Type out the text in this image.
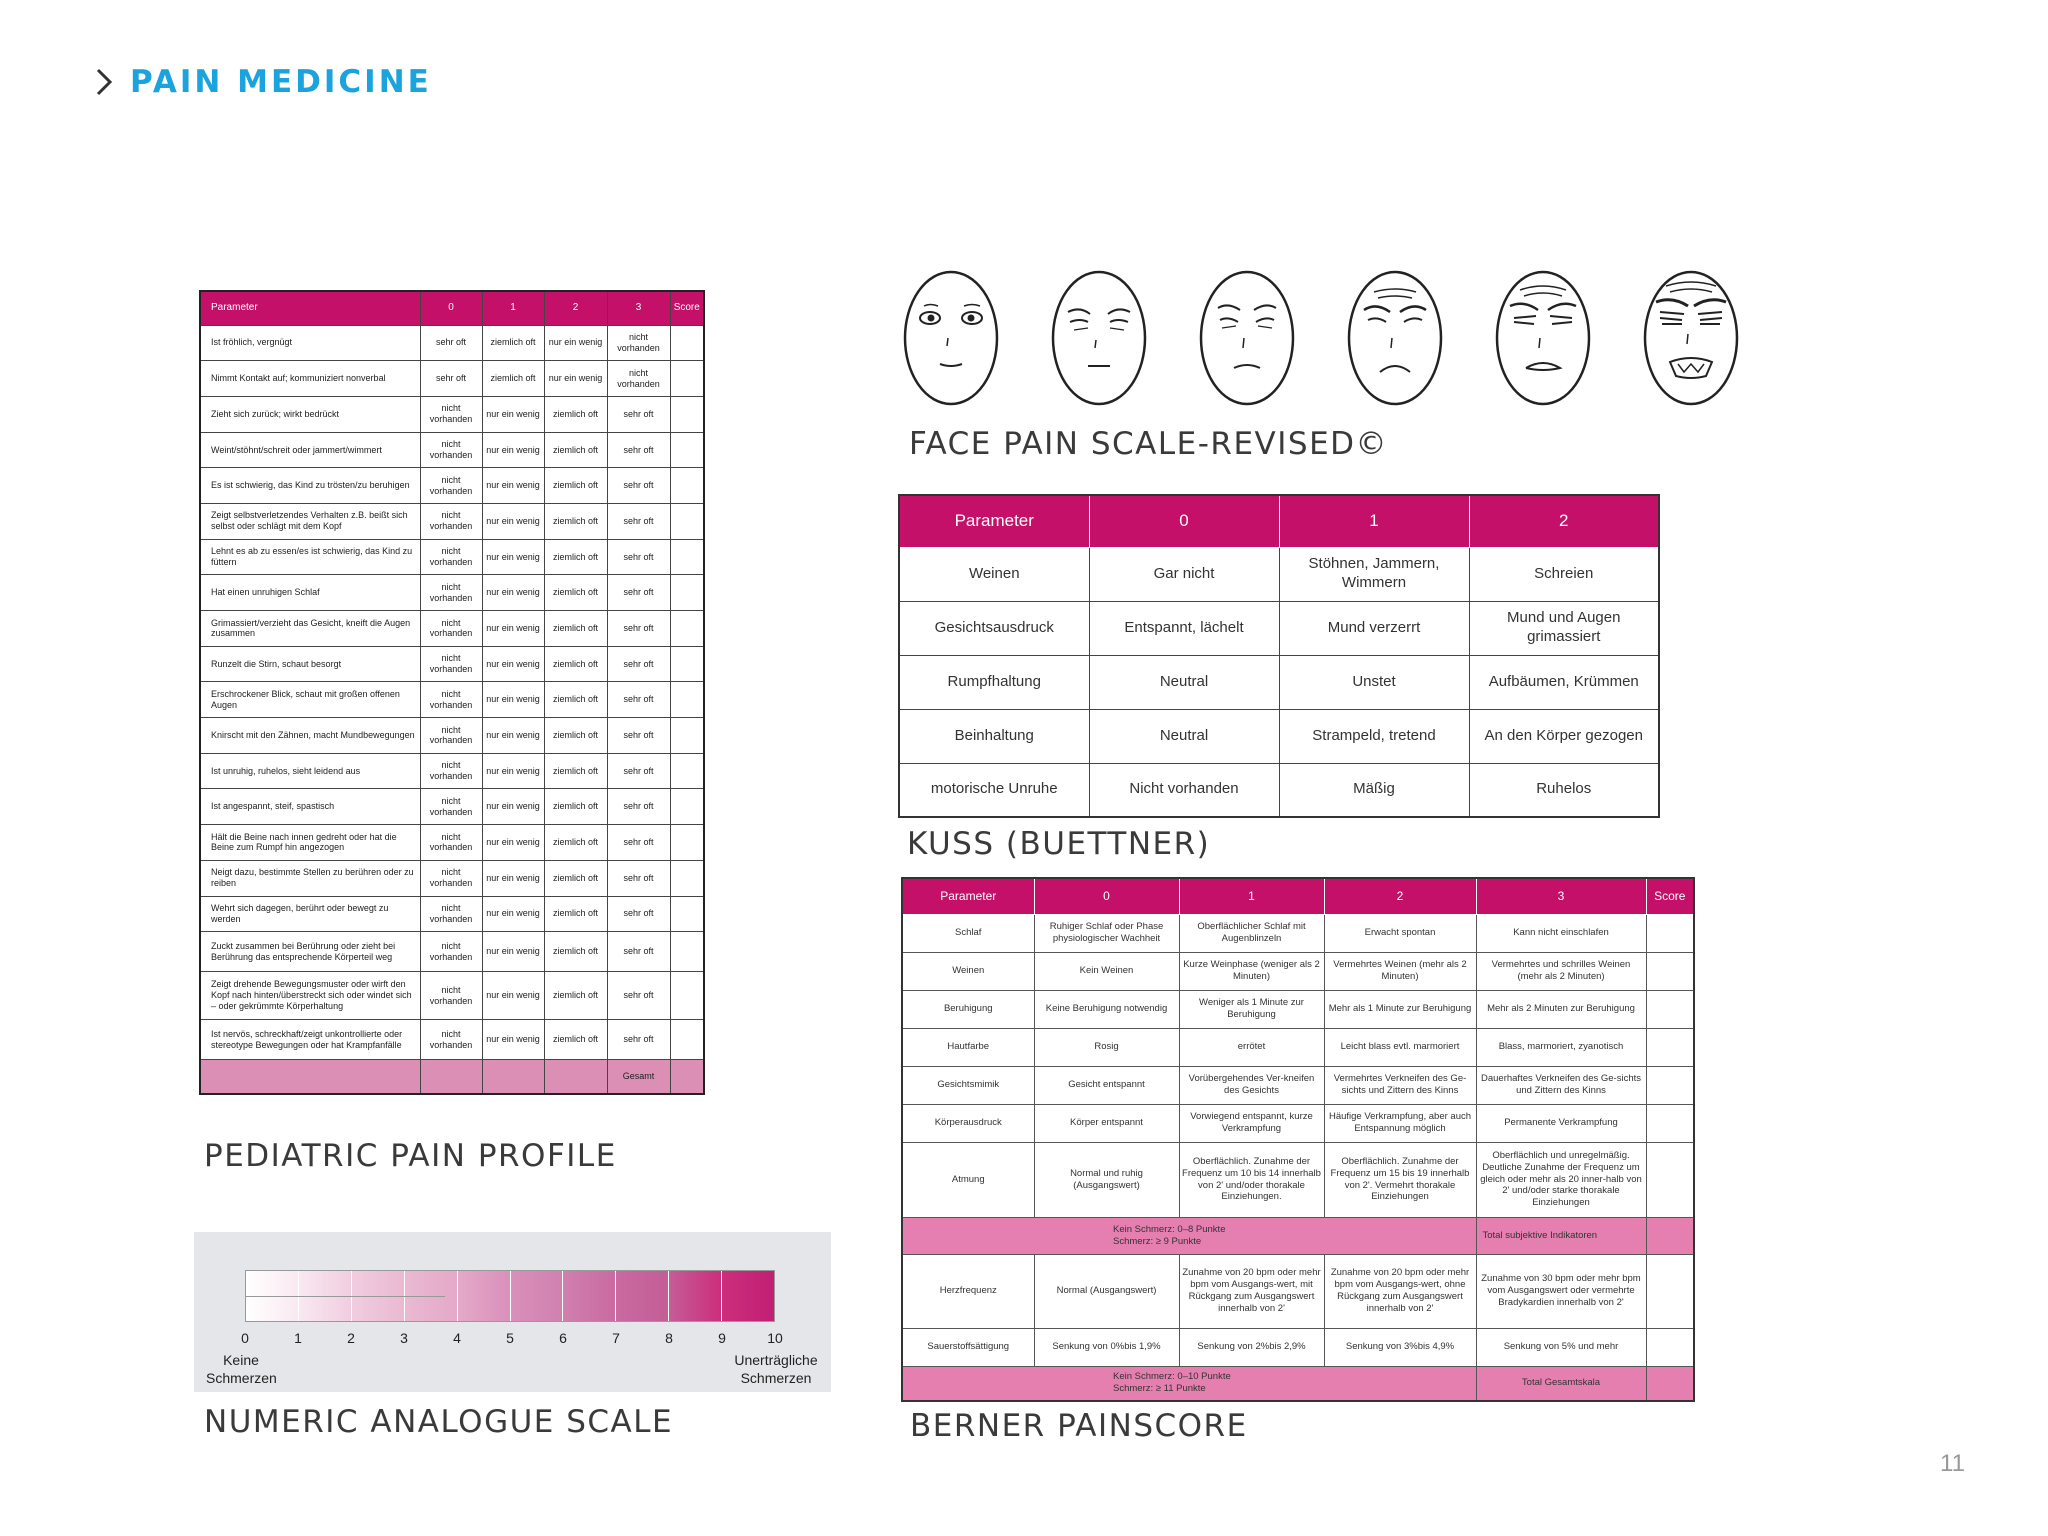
PAIN MEDICINE
Parameter	0	1	2	3	Score
Ist fröhlich, vergnügt	sehr oft	ziemlich oft	nur ein wenig	nicht vorhanden	
Nimmt Kontakt auf; kommuniziert nonverbal	sehr oft	ziemlich oft	nur ein wenig	nicht vorhanden	
Zieht sich zurück; wirkt bedrückt	nicht vorhanden	nur ein wenig	ziemlich oft	sehr oft	
Weint/stöhnt/schreit oder jammert/wimmert	nicht vorhanden	nur ein wenig	ziemlich oft	sehr oft	
Es ist schwierig, das Kind zu trösten/zu beruhigen	nicht vorhanden	nur ein wenig	ziemlich oft	sehr oft	
Zeigt selbstverletzendes Verhalten z.B. beißt sich selbst oder schlägt mit dem Kopf	nicht vorhanden	nur ein wenig	ziemlich oft	sehr oft	
Lehnt es ab zu essen/es ist schwierig, das Kind zu füttern	nicht vorhanden	nur ein wenig	ziemlich oft	sehr oft	
Hat einen unruhigen Schlaf	nicht vorhanden	nur ein wenig	ziemlich oft	sehr oft	
Grimassiert/verzieht das Gesicht, kneift die Augen zusammen	nicht vorhanden	nur ein wenig	ziemlich oft	sehr oft	
Runzelt die Stirn, schaut besorgt	nicht vorhanden	nur ein wenig	ziemlich oft	sehr oft	
Erschrockener Blick, schaut mit großen offenen Augen	nicht vorhanden	nur ein wenig	ziemlich oft	sehr oft	
Knirscht mit den Zähnen, macht Mundbewegungen	nicht vorhanden	nur ein wenig	ziemlich oft	sehr oft	
Ist unruhig, ruhelos, sieht leidend aus	nicht vorhanden	nur ein wenig	ziemlich oft	sehr oft	
Ist angespannt, steif, spastisch	nicht vorhanden	nur ein wenig	ziemlich oft	sehr oft	
Hält die Beine nach innen gedreht oder hat die Beine zum Rumpf hin angezogen	nicht vorhanden	nur ein wenig	ziemlich oft	sehr oft	
Neigt dazu, bestimmte Stellen zu berühren oder zu reiben	nicht vorhanden	nur ein wenig	ziemlich oft	sehr oft	
Wehrt sich dagegen, berührt oder bewegt zu werden	nicht vorhanden	nur ein wenig	ziemlich oft	sehr oft	
Zuckt zusammen bei Berührung oder zieht bei Berührung das entsprechende Körperteil weg	nicht vorhanden	nur ein wenig	ziemlich oft	sehr oft	
Zeigt drehende Bewegungsmuster oder wirft den Kopf nach hinten/überstreckt sich oder windet sich – oder gekrümmte Körperhaltung	nicht vorhanden	nur ein wenig	ziemlich oft	sehr oft	
Ist nervös, schreckhaft/zeigt unkontrollierte oder stereotype Bewegungen oder hat Krampfanfälle	nicht vorhanden	nur ein wenig	ziemlich oft	sehr oft	
				Gesamt	
PEDIATRIC PAIN PROFILE
0	1	2	3	4	5	6	7	8	9	10
Keine Schmerzen
Unerträgliche Schmerzen
NUMERIC ANALOGUE SCALE
FACE PAIN SCALE-REVISED©
Parameter	0	1	2
Weinen	Gar nicht	Stöhnen, Jammern, Wimmern	Schreien
Gesichtsausdruck	Entspannt, lächelt	Mund verzerrt	Mund und Augen grimassiert
Rumpfhaltung	Neutral	Unstet	Aufbäumen, Krümmen
Beinhaltung	Neutral	Strampeld, tretend	An den Körper gezogen
motorische Unruhe	Nicht vorhanden	Mäßig	Ruhelos
KUSS (BUETTNER)
Parameter	0	1	2	3	Score
Schlaf	Ruhiger Schlaf oder Phase physiologischer Wachheit	Oberflächlicher Schlaf mit Augenblinzeln	Erwacht spontan	Kann nicht einschlafen	
Weinen	Kein Weinen	Kurze Weinphase (weniger als 2 Minuten)	Vermehrtes Weinen (mehr als 2 Minuten)	Vermehrtes und schrilles Weinen (mehr als 2 Minuten)	
Beruhigung	Keine Beruhigung notwendig	Weniger als 1 Minute zur Beruhigung	Mehr als 1 Minute zur Beruhigung	Mehr als 2 Minuten zur Beruhigung	
Hautfarbe	Rosig	errötet	Leicht blass evtl. marmoriert	Blass, marmoriert, zyanotisch	
Gesichtsmimik	Gesicht entspannt	Vorübergehendes Ver-kneifen des Gesichts	Vermehrtes Verkneifen des Ge-sichts und Zittern des Kinns	Dauerhaftes Verkneifen des Ge-sichts und Zittern des Kinns	
Körperausdruck	Körper entspannt	Vorwiegend entspannt, kurze Verkrampfung	Häufige Verkrampfung, aber auch Entspannung möglich	Permanente Verkrampfung	
Atmung	Normal und ruhig (Ausgangswert)	Oberflächlich. Zunahme der Frequenz um 10 bis 14 innerhalb von 2' und/oder thorakale Einziehungen.	Oberflächlich. Zunahme der Frequenz um 15 bis 19 innerhalb von 2'. Vermehrt thorakale Einziehungen	Oberflächlich und unregelmäßig. Deutliche Zunahme der Frequenz um gleich oder mehr als 20 inner-halb von 2' und/oder starke thorakale Einziehungen	

Kein Schmerz: 0–8 Punkte
Schmerz: ≥ 9 Punkte				Total subjektive Indikatoren	
Herzfrequenz	Normal (Ausgangswert)	Zunahme von 20 bpm oder mehr bpm vom Ausgangs-wert, mit Rückgang zum Ausgangswert innerhalb von 2'	Zunahme von 20 bpm oder mehr bpm vom Ausgangs-wert, ohne Rückgang zum Ausgangswert innerhalb von 2'	Zunahme von 30 bpm oder mehr bpm vom Ausgangswert oder vermehrte Bradykardien innerhalb von 2'	
Sauerstoffsättigung	Senkung von 0%bis 1,9%	Senkung von 2%bis 2,9%	Senkung von 3%bis 4,9%	Senkung von 5% und mehr	

Kein Schmerz: 0–10 Punkte
Schmerz: ≥ 11 Punkte				Total Gesamtskala	
BERNER PAINSCORE
11
